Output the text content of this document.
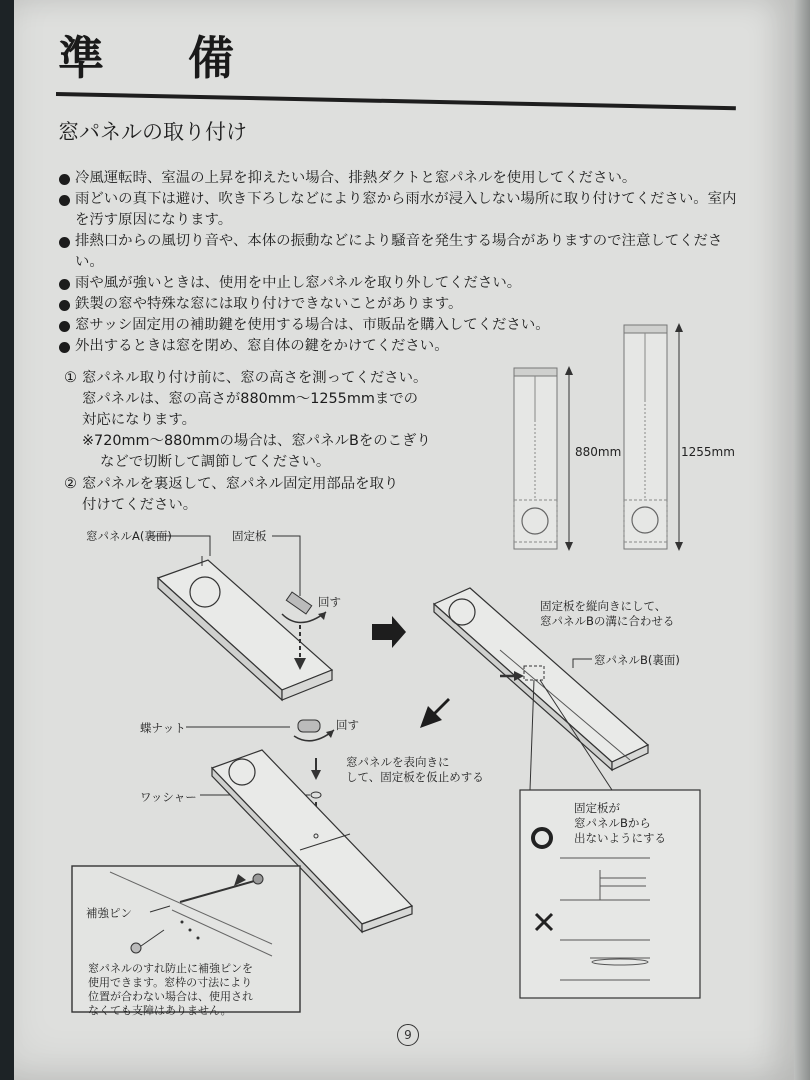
準 備
窓パネルの取り付け
冷風運転時、室温の上昇を抑えたい場合、排熱ダクトと窓パネルを使用してください。
雨どいの真下は避け、吹き下ろしなどにより窓から雨水が浸入しない場所に取り付けてください。室内を汚す原因になります。
排熱口からの風切り音や、本体の振動などにより騒音を発生する場合がありますので注意してください。
雨や風が強いときは、使用を中止し窓パネルを取り外してください。
鉄製の窓や特殊な窓には取り付けできないことがあります。
窓サッシ固定用の補助鍵を使用する場合は、市販品を購入してください。
外出するときは窓を閉め、窓自体の鍵をかけてください。
① 窓パネル取り付け前に、窓の高さを測ってください。
窓パネルは、窓の高さが880mm〜1255mmまでの
対応になります。
※720mm〜880mmの場合は、窓パネルBをのこぎり
などで切断して調節してください。
② 窓パネルを裏返して、窓パネル固定用部品を取り
付けてください。
880mm	1255mm
窓パネルA(裏面)	固定板
回す	固定板を縦向きにして、
窓パネルBの溝に合わせる
窓パネルB(裏面)
蝶ナット	回す
窓パネルを表向きに
して、固定板を仮止めする
ワッシャー
固定板が
窓パネルBから
出ないようにする
補強ピン
窓パネルのすれ防止に補強ピンを
使用できます。窓枠の寸法により
位置が合わない場合は、使用され
なくても支障はありません。
9
